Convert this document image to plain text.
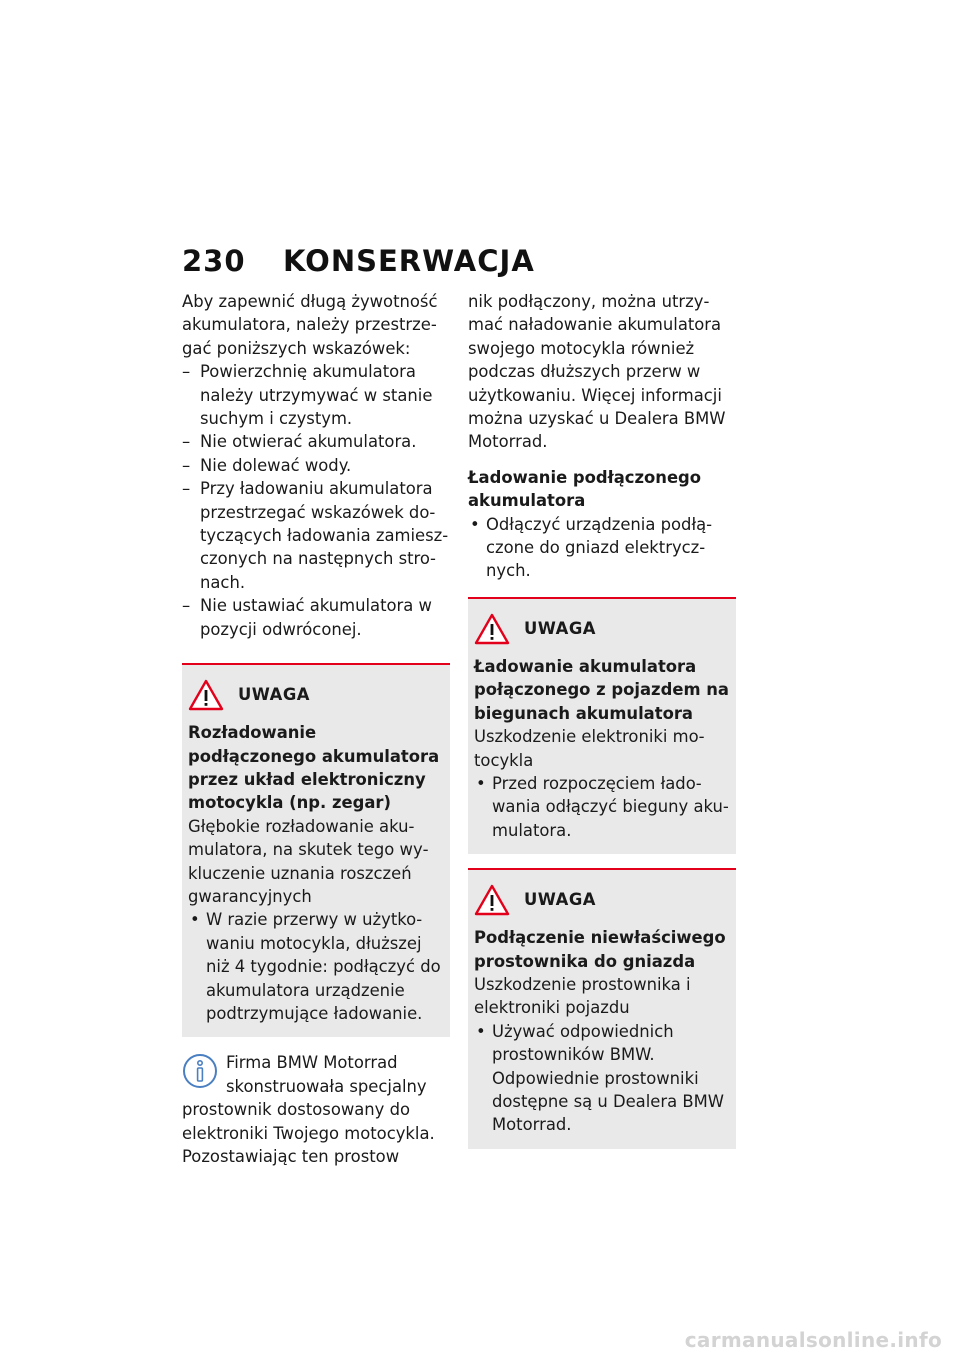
230	KONSERWACJA

Aby zapewnić długą żywotność akumulatora, należy przestrzegać poniższych wskazówek:

– Powierzchnię akumulatora należy utrzymywać w stanie suchym i czystym.
– Nie otwierać akumulatora.
– Nie dolewać wody.
– Przy ładowaniu akumulatora przestrzegać wskazówek dotyczących ładowania zamieszczonych na następnych stronach.
– Nie ustawiać akumulatora w pozycji odwróconej.
UWAGA

Rozładowanie podłączonego akumulatora przez układ elektroniczny motocykla (np. zegar)

Głębokie rozładowanie akumulatora, na skutek tego wykluczenie uznania roszczeń gwarancyjnych

• W razie przerwy w użytkowaniu motocykla, dłuższej niż 4 tygodnie: podłączyć do akumulatora urządzenie podtrzymujące ładowanie.

Firma BMW Motorrad skonstruowała specjalny prostownik dostosowany do elektroniki Twojego motocykla. Pozostawiając ten prostow

nik podłączony, można utrzymać naładowanie akumulatora swojego motocykla również podczas dłuższych przerw w użytkowaniu. Więcej informacji można uzyskać u Dealera BMW Motorrad.

Ładowanie podłączonego akumulatora

• Odłączyć urządzenia podłączone do gniazd elektrycznych.
UWAGA

Ładowanie akumulatora połączonego z pojazdem na biegunach akumulatora

Uszkodzenie elektroniki motocykla

• Przed rozpoczęciem ładowania odłączyć bieguny akumulatora.
UWAGA

Podłączenie niewłaściwego prostownika do gniazda

Uszkodzenie prostownika i elektroniki pojazdu

• Używać odpowiednich prostowników BMW. Odpowiednie prostowniki dostępne są u Dealera BMW Motorrad.
carmanualsonline.info
